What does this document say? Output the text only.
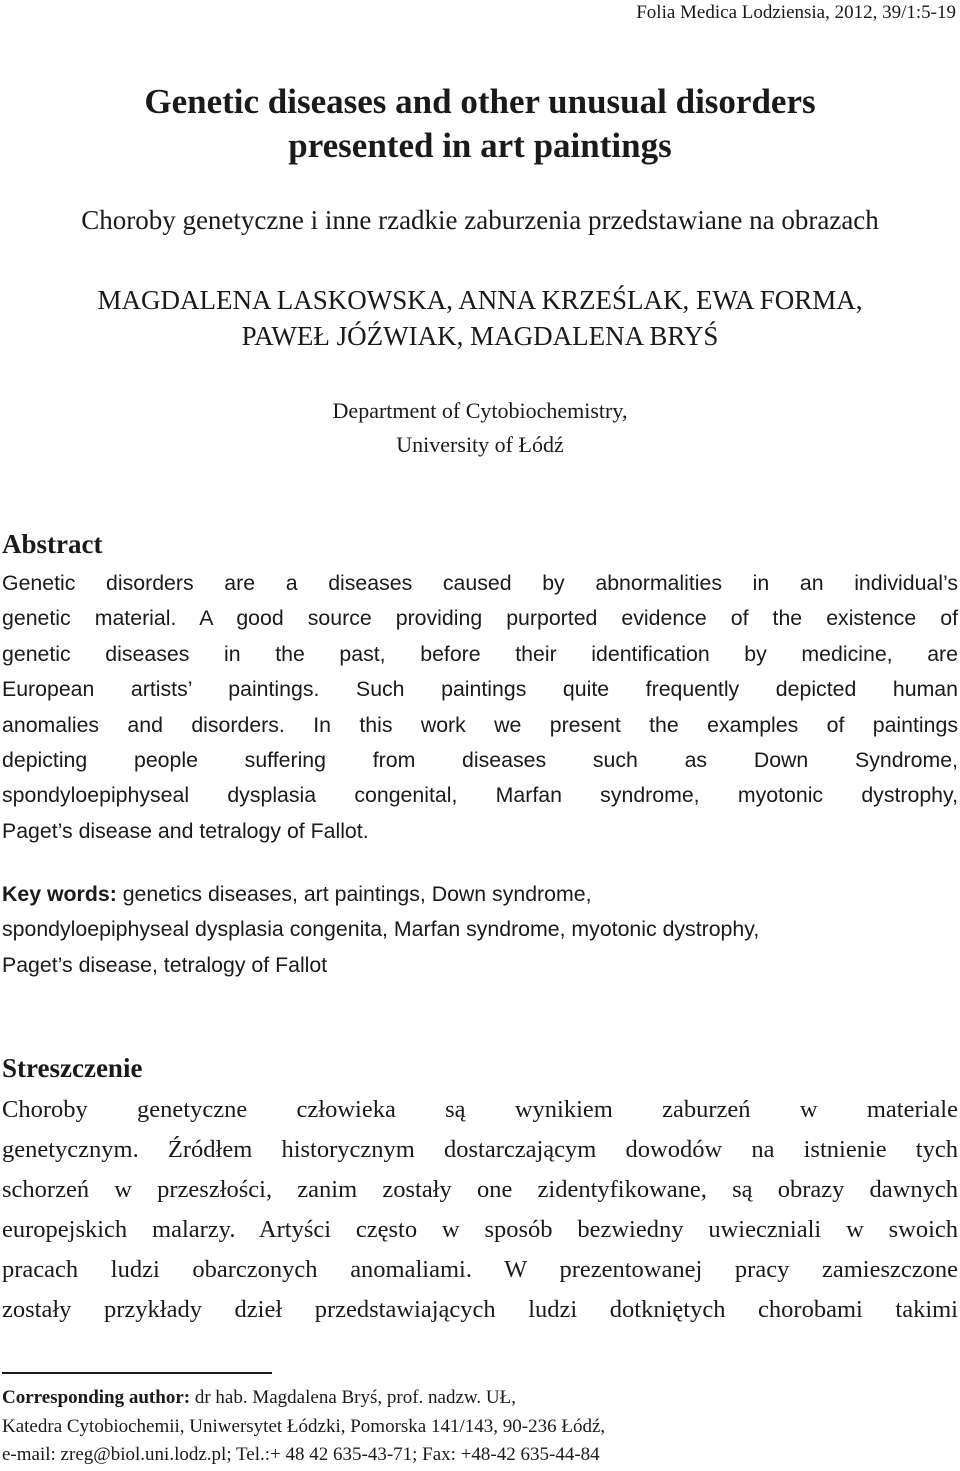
Folia Medica Lodziensia, 2012, 39/1:5-19
Genetic diseases and other unusual disorders
presented in art paintings
Choroby genetyczne i inne rzadkie zaburzenia przedstawiane na obrazach
MAGDALENA LASKOWSKA, ANNA KRZEŚLAK, EWA FORMA,
PAWEŁ JÓŹWIAK, MAGDALENA BRYŚ
Department of Cytobiochemistry,
University of Łódź
Abstract
Genetic disorders are a diseases caused by abnormalities in an individual’s
genetic material. A good source providing purported evidence of the existence of
genetic diseases in the past, before their identification by medicine, are
European artists’ paintings. Such paintings quite frequently depicted human
anomalies and disorders. In this work we present the examples of paintings
depicting people suffering from diseases such as Down Syndrome,
spondyloepiphyseal dysplasia congenital, Marfan syndrome, myotonic dystrophy,
Paget’s disease and tetralogy of Fallot.
Key words: genetics diseases, art paintings, Down syndrome,
spondyloepiphyseal dysplasia congenita, Marfan syndrome, myotonic dystrophy,
Paget’s disease, tetralogy of Fallot
Streszczenie
Choroby genetyczne człowieka są wynikiem zaburzeń w materiale
genetycznym. Źródłem historycznym dostarczającym dowodów na istnienie tych
schorzeń w przeszłości, zanim zostały one zidentyfikowane, są obrazy dawnych
europejskich malarzy. Artyści często w sposób bezwiedny uwieczniali w swoich
pracach ludzi obarczonych anomaliami. W prezentowanej pracy zamieszczone
zostały przykłady dzieł przedstawiających ludzi dotkniętych chorobami takimi
Corresponding author: dr hab. Magdalena Bryś, prof. nadzw. UŁ,
Katedra Cytobiochemii, Uniwersytet Łódzki, Pomorska 141/143, 90-236 Łódź,
e-mail: zreg@biol.uni.lodz.pl; Tel.:+ 48 42 635-43-71; Fax: +48-42 635-44-84
